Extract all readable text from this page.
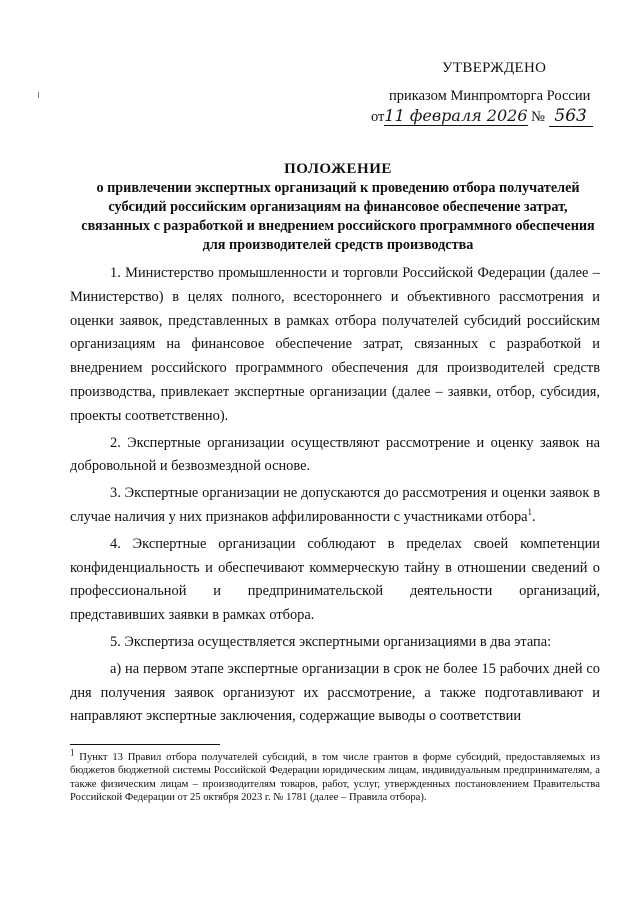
УТВЕРЖДЕНО
приказом Минпромторга России
от11 февраля 2026 № 563
ПОЛОЖЕНИЕ
о привлечении экспертных организаций к проведению отбора получателей
субсидий российским организациям на финансовое обеспечение затрат,
связанных с разработкой и внедрением российского программного обеспечения
для производителей средств производства

1. Министерство промышленности и торговли Российской Федерации (далее – Министерство) в целях полного, всестороннего и объективного рассмотрения и оценки заявок, представленных в рамках отбора получателей субсидий российским организациям на финансовое обеспечение затрат, связанных с разработкой и внедрением российского программного обеспечения для производителей средств производства, привлекает экспертные организации (далее – заявки, отбор, субсидия, проекты соответственно).

2. Экспертные организации осуществляют рассмотрение и оценку заявок на добровольной и безвозмездной основе.

3. Экспертные организации не допускаются до рассмотрения и оценки заявок в случае наличия у них признаков аффилированности с участниками отбора$^1$.

4. Экспертные организации соблюдают в пределах своей компетенции конфиденциальность и обеспечивают коммерческую тайну в отношении сведений о профессиональной и предпринимательской деятельности организаций, представивших заявки в рамках отбора.

5. Экспертиза осуществляется экспертными организациями в два этапа:

а) на первом этапе экспертные организации в срок не более 15 рабочих дней со дня получения заявок организуют их рассмотрение, а также подготавливают и направляют экспертные заключения, содержащие выводы о соответствии

$^1$ Пункт 13 Правил отбора получателей субсидий, в том числе грантов в форме субсидий, предоставляемых из бюджетов бюджетной системы Российской Федерации юридическим лицам, индивидуальным предпринимателям, а также физическим лицам – производителям товаров, работ, услуг, утвержденных постановлением Правительства Российской Федерации от 25 октября 2023 г. № 1781 (далее – Правила отбора).
